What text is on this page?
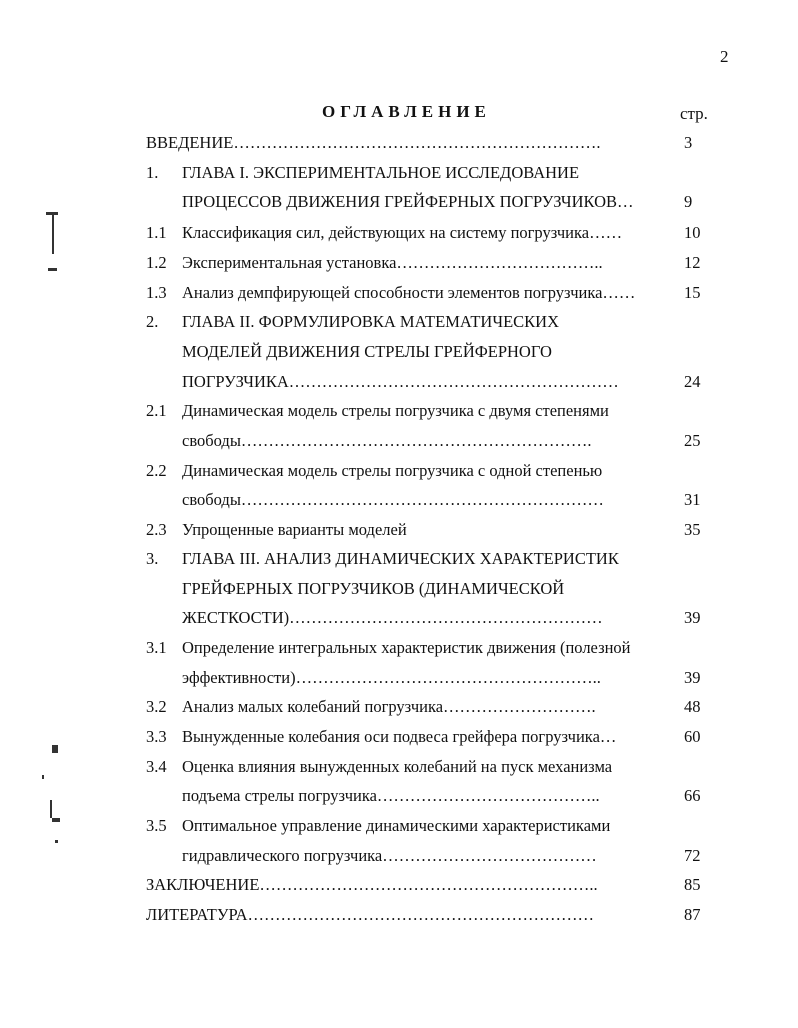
2
ОГЛАВЛЕНИЕ	стр.
ВВЕДЕНИЕ………………………………………………………….	3
1. ГЛАВА I. ЭКСПЕРИМЕНТАЛЬНОЕ ИССЛЕДОВАНИЕ
ПРОЦЕССОВ ДВИЖЕНИЯ ГРЕЙФЕРНЫХ ПОГРУЗЧИКОВ…	9
1.1 Классификация сил, действующих на систему погрузчика……	10
1.2 Экспериментальная установка………………………………..	12
1.3 Анализ демпфирующей способности элементов погрузчика……	15
2. ГЛАВА II. ФОРМУЛИРОВКА МАТЕМАТИЧЕСКИХ
МОДЕЛЕЙ ДВИЖЕНИЯ СТРЕЛЫ ГРЕЙФЕРНОГО
ПОГРУЗЧИКА……………………………………………………	24
2.1 Динамическая модель стрелы погрузчика с двумя степенями
свободы……………………………………………………….	25
2.2 Динамическая модель стрелы погрузчика с одной степенью
свободы…………………………………………………………	31
2.3 Упрощенные варианты моделей	35
3. ГЛАВА III. АНАЛИЗ ДИНАМИЧЕСКИХ ХАРАКТЕРИСТИК
ГРЕЙФЕРНЫХ ПОГРУЗЧИКОВ (ДИНАМИЧЕСКОЙ
ЖЕСТКОСТИ)…………………………………………………	39
3.1 Определение интегральных характеристик движения (полезной
эффективности)………………………………………………..	39
3.2 Анализ малых колебаний погрузчика……………………….	48
3.3 Вынужденные колебания оси подвеса грейфера погрузчика…	60
3.4 Оценка влияния вынужденных колебаний на пуск механизма
подъема стрелы погрузчика…………………………………..	66
3.5 Оптимальное управление динамическими характеристиками
гидравлического погрузчика…………………………………	72
ЗАКЛЮЧЕНИЕ……………………………………………………..	85
ЛИТЕРАТУРА………………………………………………………	87
